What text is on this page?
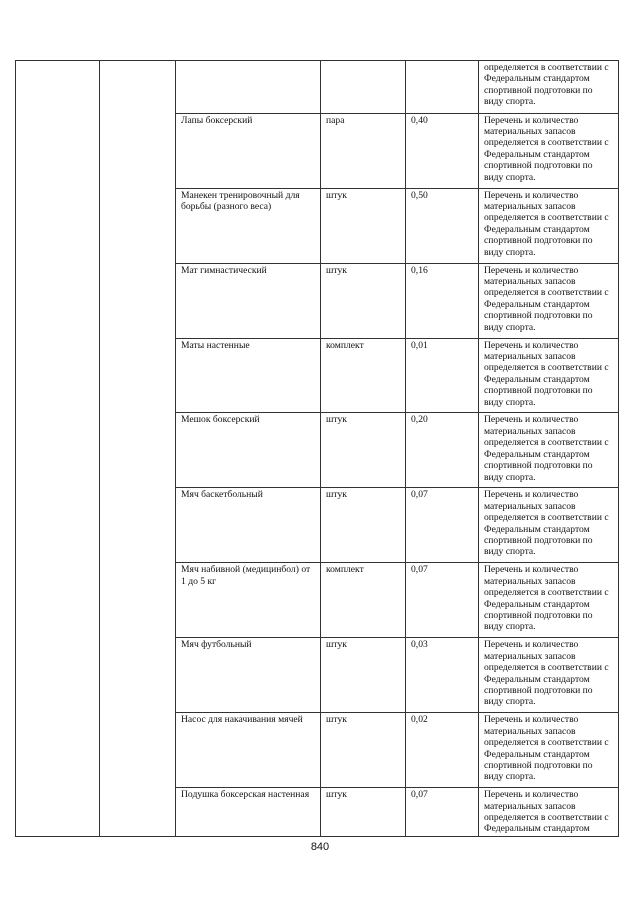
					определяется в соответствии с Федеральным стандартом спортивной подготовки по виду спорта.
		Лапы боксерский	пара	0,40	Перечень и количество материальных запасов определяется в соответствии с Федеральным стандартом спортивной подготовки по виду спорта.
		Манекен тренировочный для борьбы (разного веса)	штук	0,50	Перечень и количество материальных запасов определяется в соответствии с Федеральным стандартом спортивной подготовки по виду спорта.
		Мат гимнастический	штук	0,16	Перечень и количество материальных запасов определяется в соответствии с Федеральным стандартом спортивной подготовки по виду спорта.
		Маты настенные	комплект	0,01	Перечень и количество материальных запасов определяется в соответствии с Федеральным стандартом спортивной подготовки по виду спорта.
		Мешок боксерский	штук	0,20	Перечень и количество материальных запасов определяется в соответствии с Федеральным стандартом спортивной подготовки по виду спорта.
		Мяч баскетбольный	штук	0,07	Перечень и количество материальных запасов определяется в соответствии с Федеральным стандартом спортивной подготовки по виду спорта.
		Мяч набивной (медицинбол) от 1 до 5 кг	комплект	0,07	Перечень и количество материальных запасов определяется в соответствии с Федеральным стандартом спортивной подготовки по виду спорта.
		Мяч футбольный	штук	0,03	Перечень и количество материальных запасов определяется в соответствии с Федеральным стандартом спортивной подготовки по виду спорта.
		Насос для накачивания мячей	штук	0,02	Перечень и количество материальных запасов определяется в соответствии с Федеральным стандартом спортивной подготовки по виду спорта.
		Подушка боксерская настенная	штук	0,07	Перечень и количество материальных запасов определяется в соответствии с Федеральным стандартом
840
